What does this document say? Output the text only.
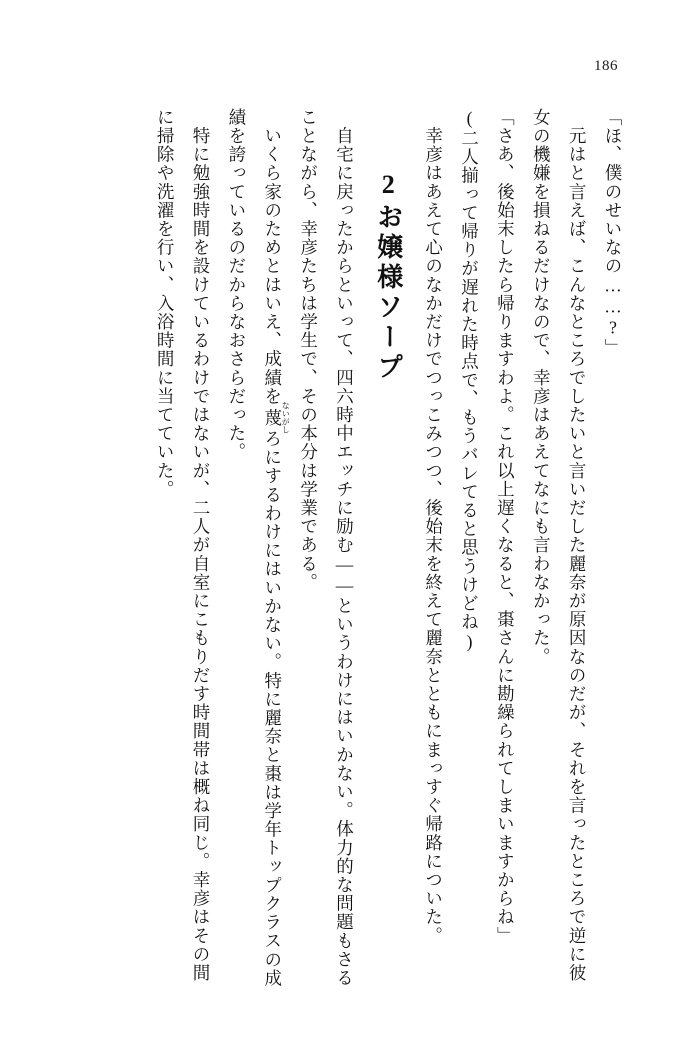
186

「ほ、僕のせいなの……?」

　元はと言えば、こんなところでしたいと言いだした麗奈が原因なのだが、それを言ったところで逆に彼女の機嫌を損ねるだけなので、幸彦はあえてなにも言わなかった。

「さあ、後始末したら帰りますわよ。これ以上遅くなると、棗さんに勘繰られてしまいますからね」

(二人揃って帰りが遅れた時点で、もうバレてると思うけどね)

　幸彦はあえて心のなかだけでつっこみつつ、後始末を終えて麗奈とともにまっすぐ帰路についた。

2お嬢様ソープ

　自宅に戻ったからといって、四六時中エッチに励む——というわけにはいかない。体力的な問題もさることながら、幸彦たちは学生で、その本分は学業である。

　いくら家のためとはいえ、成績を蔑ないがしろにするわけにはいかない。特に麗奈と棗は学年トップクラスの成績を誇っているのだからなおさらだった。

　特に勉強時間を設けているわけではないが、二人が自室にこもりだす時間帯は概ね同じ。幸彦はその間に掃除や洗濯を行い、入浴時間に当てていた。
